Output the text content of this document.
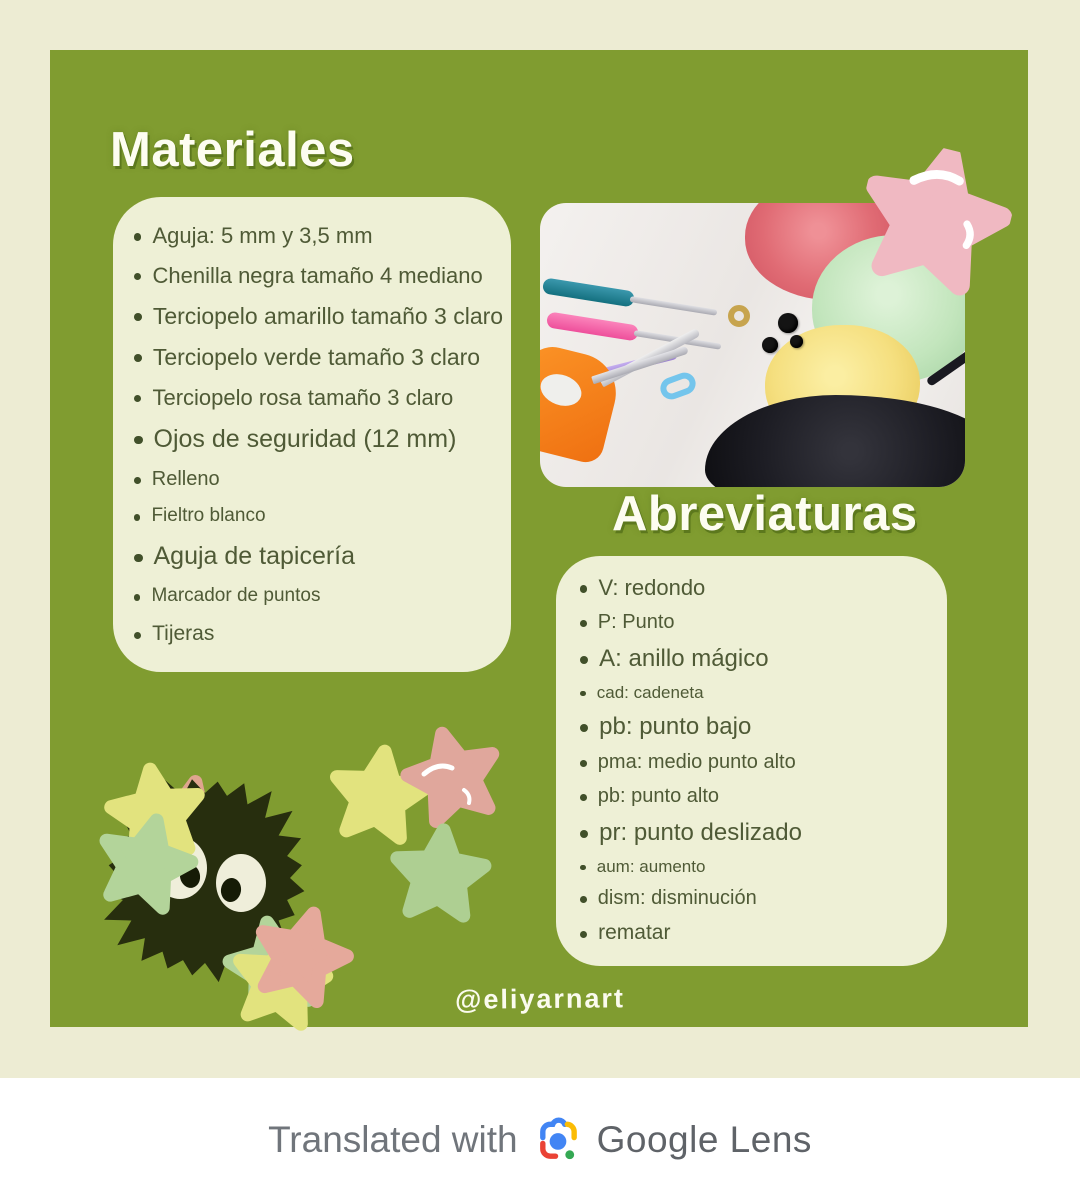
Materiales
Aguja: 5 mm y 3,5 mm
Chenilla negra tamaño 4 mediano
Terciopelo amarillo tamaño 3 claro
Terciopelo verde tamaño 3 claro
Terciopelo rosa tamaño 3 claro
Ojos de seguridad (12 mm)
Relleno
Fieltro blanco
Aguja de tapicería
Marcador de puntos
Tijeras
Abreviaturas
V: redondo
P: Punto
A: anillo mágico
cad: cadeneta
pb: punto bajo
pma: medio punto alto
pb: punto alto
pr: punto deslizado
aum: aumento
dism: disminución
rematar
@eliyarnart
Translated with Google Lens
